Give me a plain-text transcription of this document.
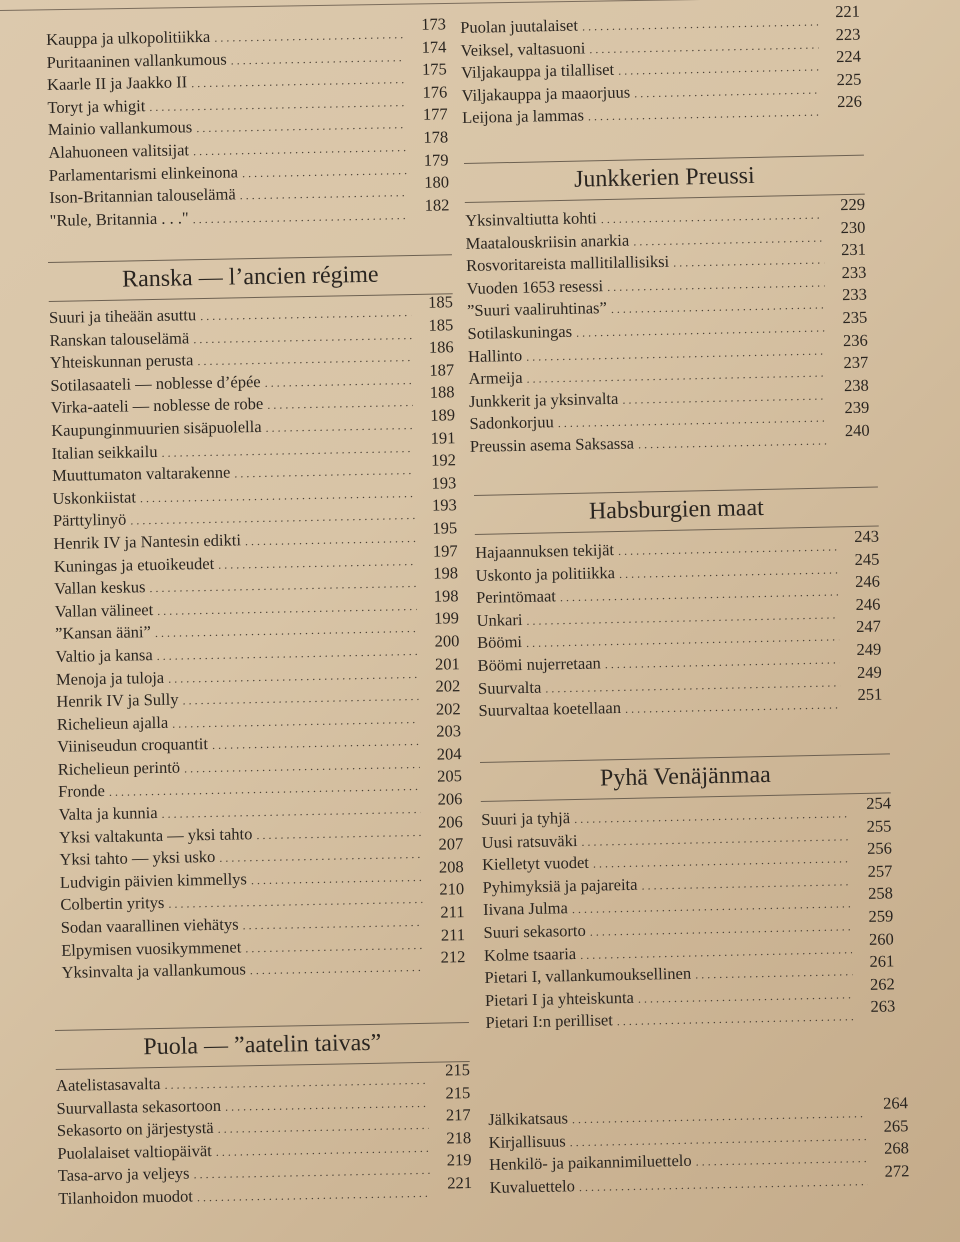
Kauppa ja ulkopolitiikka
. . .
173
Puritaaninen vallankumous
. . .
174
Kaarle II ja Jaakko II
. . .
175
Toryt ja whigit
. . .
176
Mainio vallankumous
. . .
177
Alahuoneen valitsijat
. . .
178
Parlamentarismi elinkeinona
. . .
179
Ison-Britannian talouselämä
. . .
180
"Rule, Britannia . . ."
. . .
182
Ranska — l’ancien régime
Suuri ja tiheään asuttu
. . .
185
Ranskan talouselämä
. . .
185
Yhteiskunnan perusta
. . .
186
Sotilasaateli — noblesse d’épée
. . .
187
Virka-aateli — noblesse de robe
. . .
188
Kaupunginmuurien sisäpuolella
. . .
189
Italian seikkailu
. . .
191
Muuttumaton valtarakenne
. . .
192
Uskonkiistat
. . .
193
Pärttylinyö
. . .
193
Henrik IV ja Nantesin edikti
. . .
195
Kuningas ja etuoikeudet
. . .
197
Vallan keskus
. . .
198
Vallan välineet
. . .
198
”Kansan ääni”
. . .
199
Valtio ja kansa
. . .
200
Menoja ja tuloja
. . .
201
Henrik IV ja Sully
. . .
202
Richelieun ajalla
. . .
202
Viiniseudun croquantit
. . .
203
Richelieun perintö
. . .
204
Fronde
. . .
205
Valta ja kunnia
. . .
206
Yksi valtakunta — yksi tahto
. . .
206
Yksi tahto — yksi usko
. . .
207
Ludvigin päivien kimmellys
. . .
208
Colbertin yritys
. . .
210
Sodan vaarallinen viehätys
. . .
211
Elpymisen vuosikymmenet
. . .
211
Yksinvalta ja vallankumous
. . .
212
Puola — ”aatelin taivas”
Aatelistasavalta
. . .
215
Suurvallasta sekasortoon
. . .
215
Sekasorto on järjestystä
. . .
217
Puolalaiset valtiopäivät
. . .
218
Tasa-arvo ja veljeys
. . .
219
Tilanhoidon muodot
. . .
221
Puolan juutalaiset
. . .
221
Veiksel, valtasuoni
. . .
223
Viljakauppa ja tilalliset
. . .
224
Viljakauppa ja maaorjuus
. . .
225
Leijona ja lammas
. . .
226
Junkkerien Preussi
Yksinvaltiutta kohti
. . .
229
Maatalouskriisin anarkia
. . .
230
Rosvoritareista mallitilallisiksi
. . .
231
Vuoden 1653 resessi
. . .
233
”Suuri vaaliruhtinas”
. . .
233
Sotilaskuningas
. . .
235
Hallinto
. . .
236
Armeija
. . .
237
Junkkerit ja yksinvalta
. . .
238
Sadonkorjuu
. . .
239
Preussin asema Saksassa
. . .
240
Habsburgien maat
Hajaannuksen tekijät
. . .
243
Uskonto ja politiikka
. . .
245
Perintömaat
. . .
246
Unkari
. . .
246
Böömi
. . .
247
Böömi nujerretaan
. . .
249
Suurvalta
. . .
249
Suurvaltaa koetellaan
. . .
251
Pyhä Venäjänmaa
Suuri ja tyhjä
. . .
254
Uusi ratsuväki
. . .
255
Kielletyt vuodet
. . .
256
Pyhimyksiä ja pajareita
. . .
257
Iivana Julma
. . .
258
Suuri sekasorto
. . .
259
Kolme tsaaria
. . .
260
Pietari I, vallankumouksellinen
. . .
261
Pietari I ja yhteiskunta
. . .
262
Pietari I:n perilliset
. . .
263
Jälkikatsaus
. . .
264
Kirjallisuus
. . .
265
Henkilö- ja paikannimiluettelo
. . .
268
Kuvaluettelo
. . .
272
